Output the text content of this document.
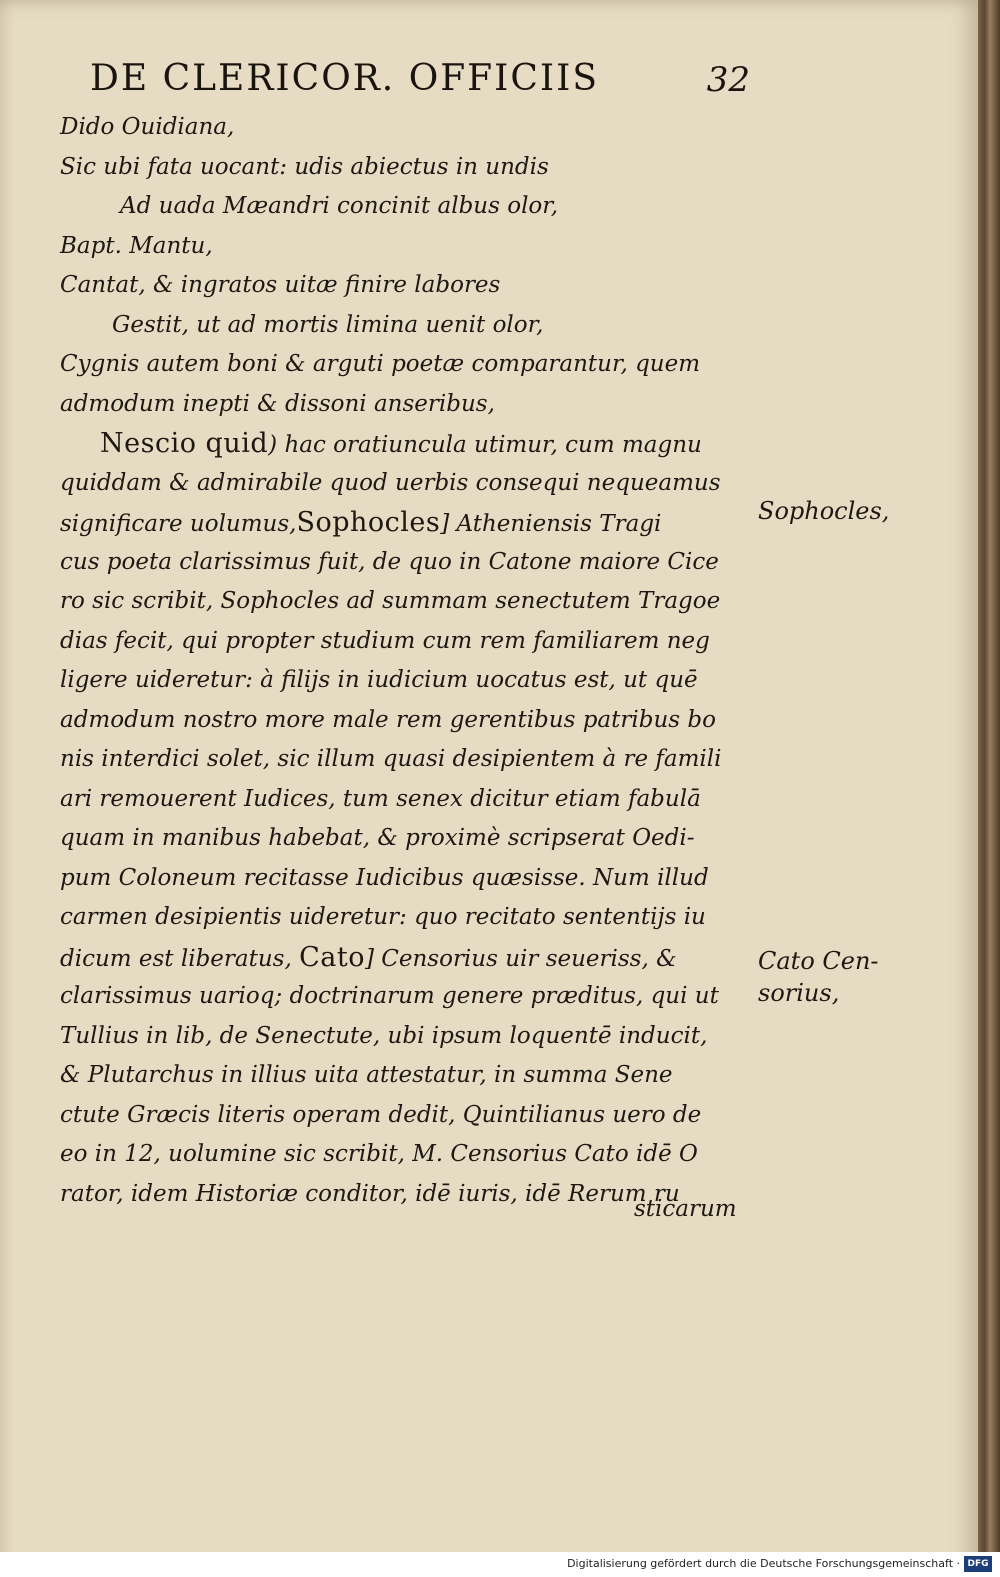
DE CLERICOR. OFFICIIS	32
Dido Ouidiana,
Sic ubi fata uocant: udis abiectus in undis
Ad uada Mæandri concinit albus olor,
Bapt. Mantu,
Cantat, & ingratos uitæ finire labores
Gestit, ut ad mortis limina uenit olor,
Cygnis autem boni & arguti poetæ comparantur, quem
admodum inepti & dissoni anseribus,
Nescio quid) hac oratiuncula utimur, cum magnu
quiddam & admirabile quod uerbis consequi nequeamus
significare uolumus,Sophocles] Atheniensis Tragi
cus poeta clarissimus fuit, de quo in Catone maiore Cice
ro sic scribit, Sophocles ad summam senectutem Tragoe
dias fecit, qui propter studium cum rem familiarem neg
ligere uideretur: à filijs in iudicium uocatus est, ut quē
admodum nostro more male rem gerentibus patribus bo
nis interdici solet, sic illum quasi desipientem à re famili
ari remouerent Iudices, tum senex dicitur etiam fabulā
quam in manibus habebat, & proximè scripserat Oedi-
pum Coloneum recitasse Iudicibus quæsisse. Num illud
carmen desipientis uideretur: quo recitato sententijs iu
dicum est liberatus, Cato] Censorius uir seueriss, &
clarissimus uarioq; doctrinarum genere præditus, qui ut
Tullius in lib, de Senectute, ubi ipsum loquentē inducit,
& Plutarchus in illius uita attestatur, in summa Sene
ctute Græcis literis operam dedit, Quintilianus uero de
eo in 12, uolumine sic scribit, M. Censorius Cato idē O
rator, idem Historiæ conditor, idē iuris, idē Rerum ru
sticarum
Sophocles,
Cato Cen-
sorius,
Digitalisierung gefördert durch die Deutsche Forschungsgemeinschaft · DFG
